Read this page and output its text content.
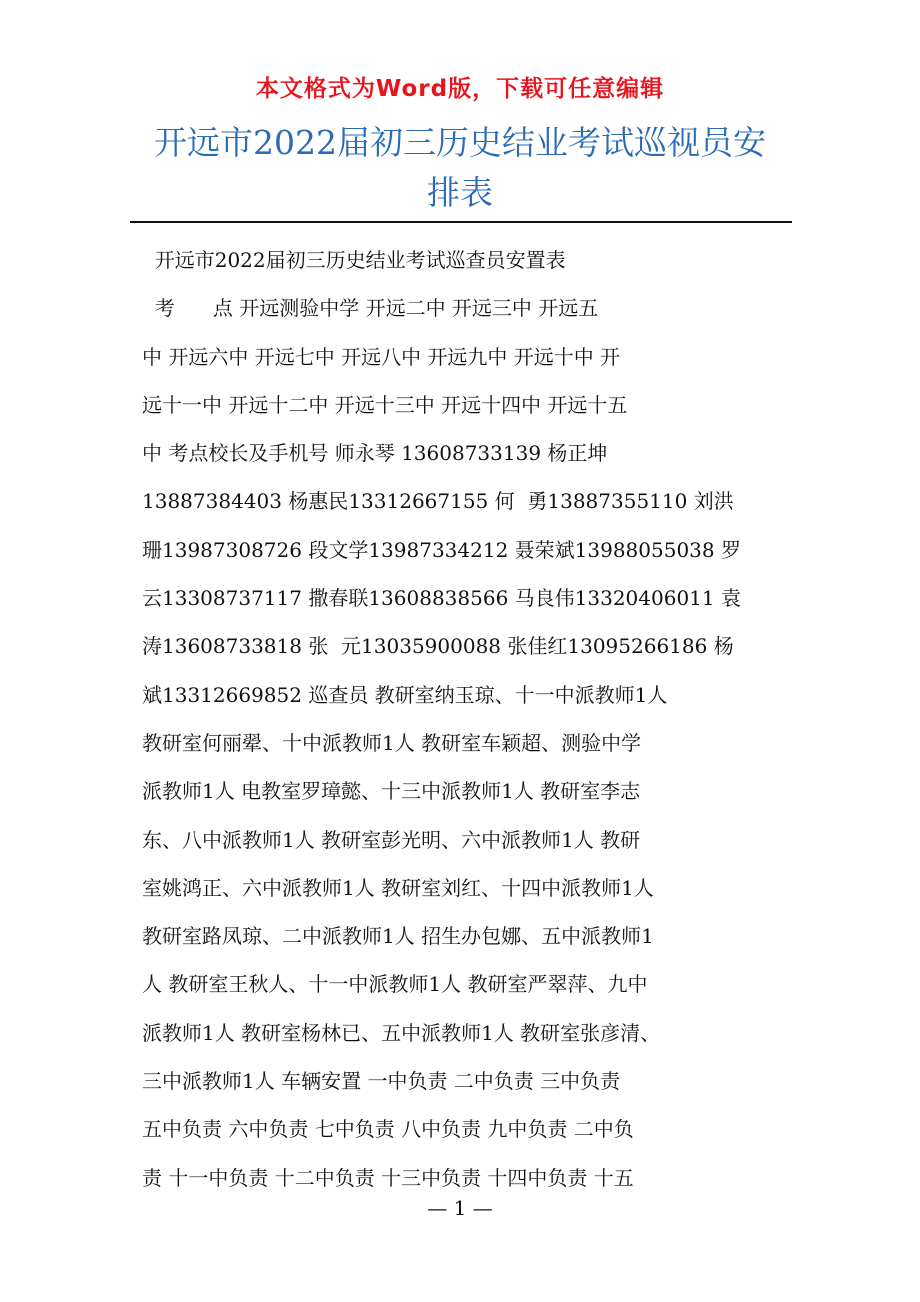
本文格式为Word版，下载可任意编辑
开远市2022届初三历史结业考试巡视员安
排表
开远市2022届初三历史结业考试巡查员安置表
考      点 开远测验中学 开远二中 开远三中 开远五
中 开远六中 开远七中 开远八中 开远九中 开远十中 开
远十一中 开远十二中 开远十三中 开远十四中 开远十五
中 考点校长及手机号 师永琴 13608733139 杨正坤
13887384403 杨惠民13312667155 何  勇13887355110 刘洪
珊13987308726 段文学13987334212 聂荣斌13988055038 罗
云13308737117 撒春联13608838566 马良伟13320406011 袁
涛13608733818 张  元13035900088 张佳红13095266186 杨
斌13312669852 巡查员 教研室纳玉琼、十一中派教师1人
教研室何丽翚、十中派教师1人 教研室车颖超、测验中学
派教师1人 电教室罗璋懿、十三中派教师1人 教研室李志
东、八中派教师1人 教研室彭光明、六中派教师1人 教研
室姚鸿正、六中派教师1人 教研室刘红、十四中派教师1人
教研室路凤琼、二中派教师1人 招生办包娜、五中派教师1
人 教研室王秋人、十一中派教师1人 教研室严翠萍、九中
派教师1人 教研室杨林已、五中派教师1人 教研室张彦清、
三中派教师1人 车辆安置 一中负责 二中负责 三中负责
五中负责 六中负责 七中负责 八中负责 九中负责 二中负
责 十一中负责 十二中负责 十三中负责 十四中负责 十五
— 1 —
